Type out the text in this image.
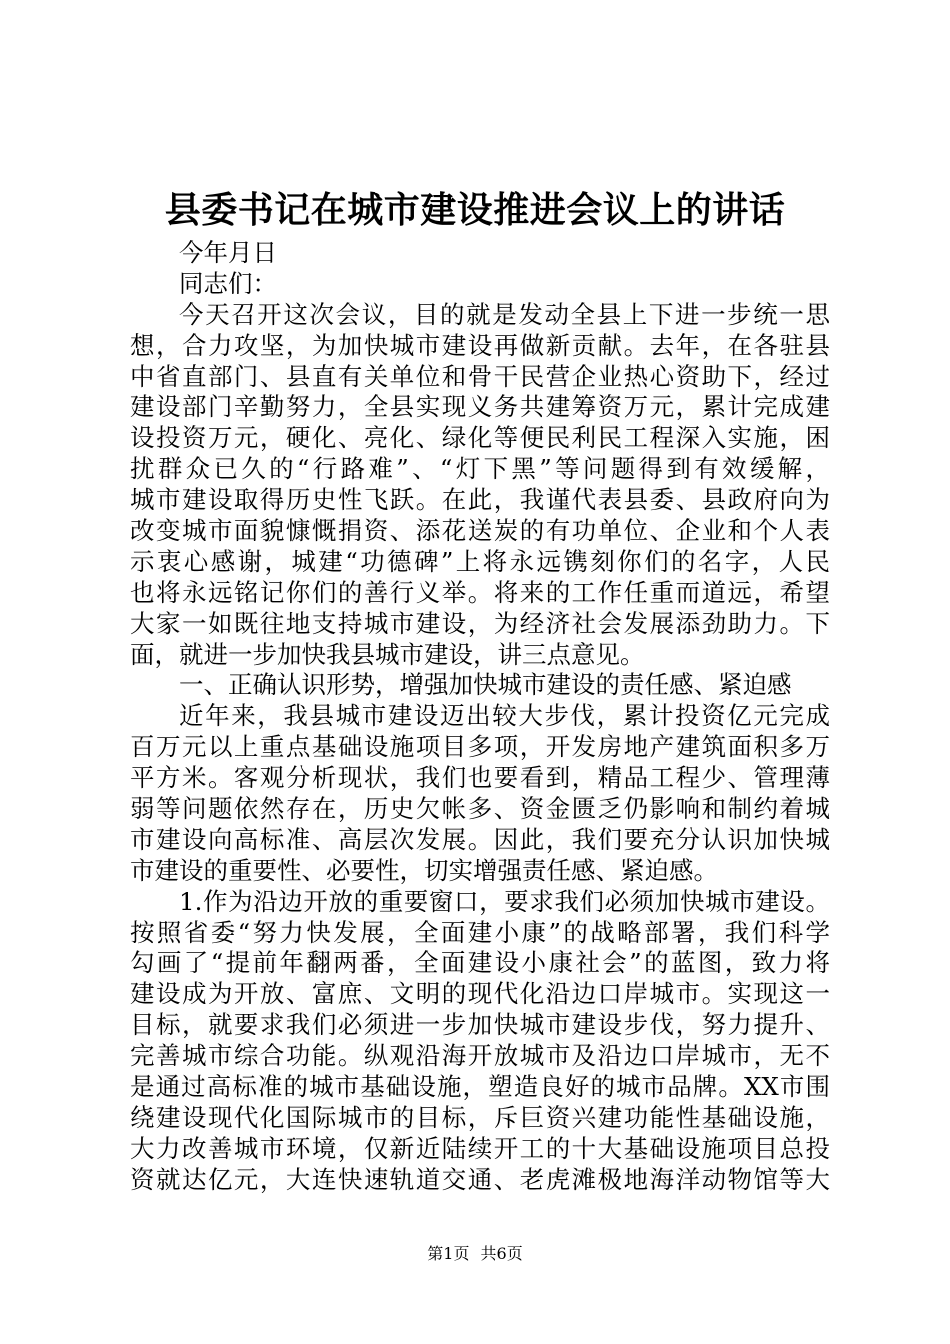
县委书记在城市建设推进会议上的讲话
今年月日
同志们：
今天召开这次会议，目的就是发动全县上下进一步统一思
想，合力攻坚，为加快城市建设再做新贡献。去年，在各驻县
中省直部门、县直有关单位和骨干民营企业热心资助下，经过
建设部门辛勤努力，全县实现义务共建筹资万元，累计完成建
设投资万元，硬化、亮化、绿化等便民利民工程深入实施，困
扰群众已久的“行路难”、“灯下黑”等问题得到有效缓解，
城市建设取得历史性飞跃。在此，我谨代表县委、县政府向为
改变城市面貌慷慨捐资、添花送炭的有功单位、企业和个人表
示衷心感谢，城建“功德碑”上将永远镌刻你们的名字，人民
也将永远铭记你们的善行义举。将来的工作任重而道远，希望
大家一如既往地支持城市建设，为经济社会发展添劲助力。下
面，就进一步加快我县城市建设，讲三点意见。
一、正确认识形势，增强加快城市建设的责任感、紧迫感
近年来，我县城市建设迈出较大步伐，累计投资亿元完成
百万元以上重点基础设施项目多项，开发房地产建筑面积多万
平方米。客观分析现状，我们也要看到，精品工程少、管理薄
弱等问题依然存在，历史欠帐多、资金匮乏仍影响和制约着城
市建设向高标准、高层次发展。因此，我们要充分认识加快城
市建设的重要性、必要性，切实增强责任感、紧迫感。
1.作为沿边开放的重要窗口，要求我们必须加快城市建设。
按照省委“努力快发展，全面建小康”的战略部署，我们科学
勾画了“提前年翻两番，全面建设小康社会”的蓝图，致力将
建设成为开放、富庶、文明的现代化沿边口岸城市。实现这一
目标，就要求我们必须进一步加快城市建设步伐，努力提升、
完善城市综合功能。纵观沿海开放城市及沿边口岸城市，无不
是通过高标准的城市基础设施，塑造良好的城市品牌。XX市围
绕建设现代化国际城市的目标，斥巨资兴建功能性基础设施，
大力改善城市环境，仅新近陆续开工的十大基础设施项目总投
资就达亿元，大连快速轨道交通、老虎滩极地海洋动物馆等大
第1页 共6页
